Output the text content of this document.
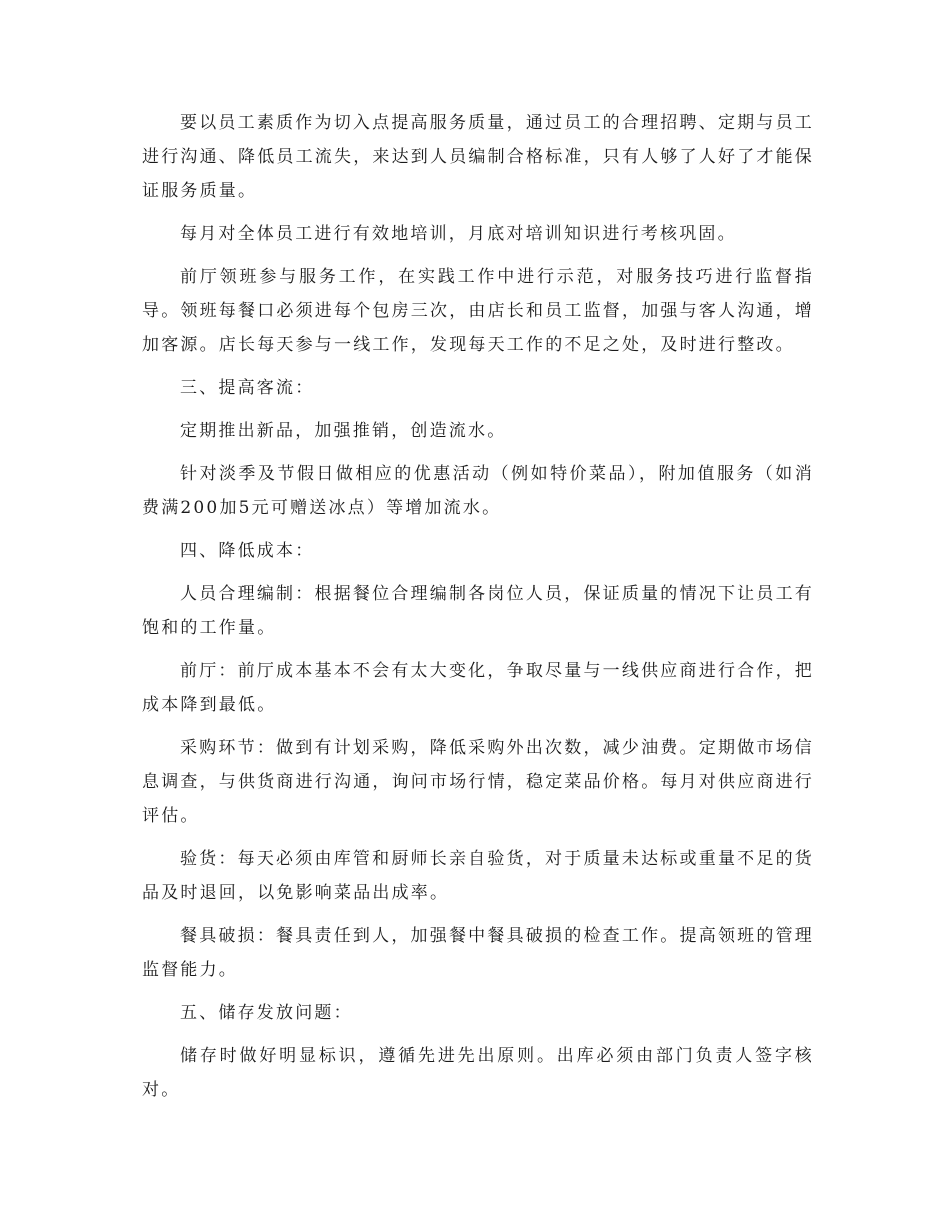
要以员工素质作为切入点提高服务质量，通过员工的合理招聘、定期与员工进行沟通、降低员工流失，来达到人员编制合格标准，只有人够了人好了才能保证服务质量。

每月对全体员工进行有效地培训，月底对培训知识进行考核巩固。

前厅领班参与服务工作，在实践工作中进行示范，对服务技巧进行监督指导。领班每餐口必须进每个包房三次，由店长和员工监督，加强与客人沟通，增加客源。店长每天参与一线工作，发现每天工作的不足之处，及时进行整改。

三、提高客流：

定期推出新品，加强推销，创造流水。

针对淡季及节假日做相应的优惠活动（例如特价菜品），附加值服务（如消费满200加5元可赠送冰点）等增加流水。

四、降低成本：

人员合理编制：根据餐位合理编制各岗位人员，保证质量的情况下让员工有饱和的工作量。

前厅：前厅成本基本不会有太大变化，争取尽量与一线供应商进行合作，把成本降到最低。

采购环节：做到有计划采购，降低采购外出次数，减少油费。定期做市场信息调查，与供货商进行沟通，询问市场行情，稳定菜品价格。每月对供应商进行评估。

验货：每天必须由库管和厨师长亲自验货，对于质量未达标或重量不足的货品及时退回，以免影响菜品出成率。

餐具破损：餐具责任到人，加强餐中餐具破损的检查工作。提高领班的管理监督能力。

五、储存发放问题：

储存时做好明显标识，遵循先进先出原则。出库必须由部门负责人签字核对。
